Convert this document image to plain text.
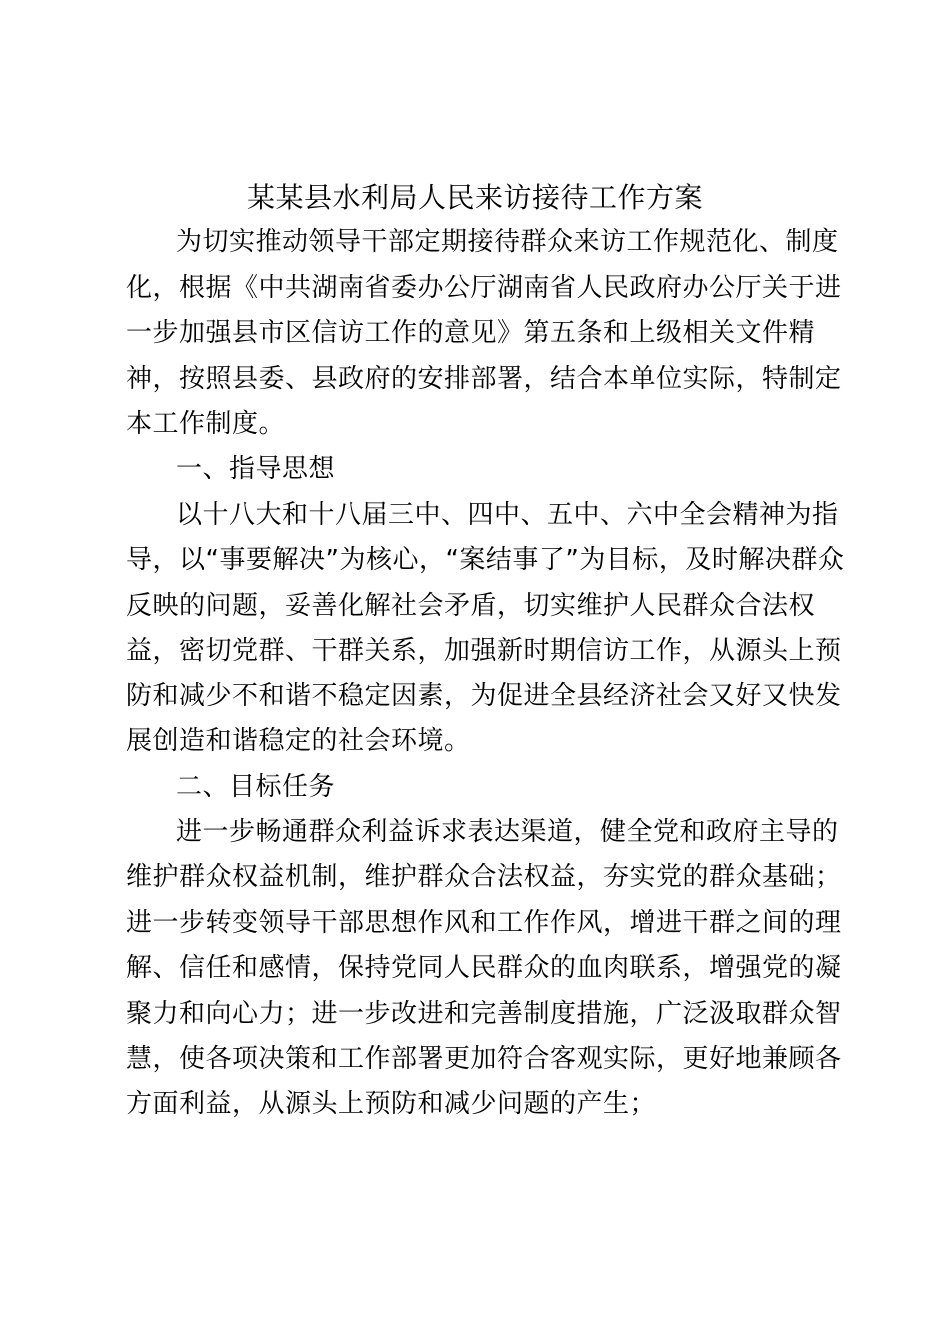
某某县水利局人民来访接待工作方案
为切实推动领导干部定期接待群众来访工作规范化、制度
化，根据《中共湖南省委办公厅湖南省人民政府办公厅关于进
一步加强县市区信访工作的意见》第五条和上级相关文件精
神，按照县委、县政府的安排部署，结合本单位实际，特制定
本工作制度。
一、指导思想
以十八大和十八届三中、四中、五中、六中全会精神为指
导，以“事要解决”为核心，“案结事了”为目标，及时解决群众
反映的问题，妥善化解社会矛盾，切实维护人民群众合法权
益，密切党群、干群关系，加强新时期信访工作，从源头上预
防和减少不和谐不稳定因素，为促进全县经济社会又好又快发
展创造和谐稳定的社会环境。
二、目标任务
进一步畅通群众利益诉求表达渠道，健全党和政府主导的
维护群众权益机制，维护群众合法权益，夯实党的群众基础；
进一步转变领导干部思想作风和工作作风，增进干群之间的理
解、信任和感情，保持党同人民群众的血肉联系，增强党的凝
聚力和向心力；进一步改进和完善制度措施，广泛汲取群众智
慧，使各项决策和工作部署更加符合客观实际，更好地兼顾各
方面利益，从源头上预防和减少问题的产生；
